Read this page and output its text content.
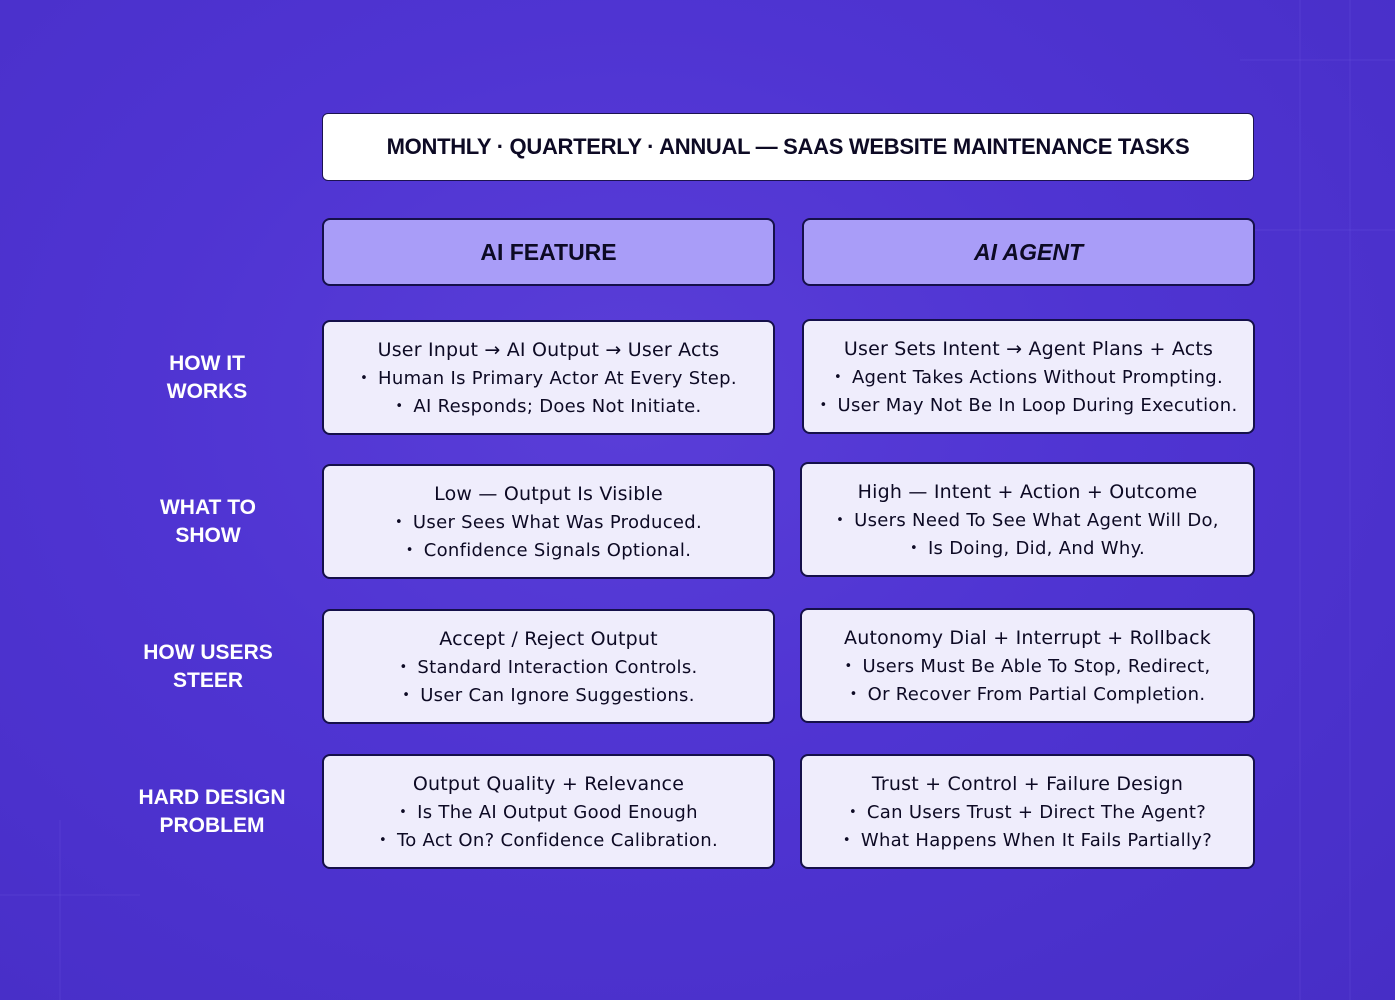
MONTHLY · QUARTERLY · ANNUAL — SAAS WEBSITE MAINTENANCE TASKS
AI FEATURE	AI AGENT
HOW IT
WORKS
User Input → AI Output → User Acts
• Human Is Primary Actor At Every Step.
• AI Responds; Does Not Initiate.
User Sets Intent → Agent Plans + Acts
• Agent Takes Actions Without Prompting.
• User May Not Be In Loop During Execution.
WHAT TO
SHOW
Low — Output Is Visible
• User Sees What Was Produced.
• Confidence Signals Optional.
High — Intent + Action + Outcome
• Users Need To See What Agent Will Do,
• Is Doing, Did, And Why.
HOW USERS
STEER
Accept / Reject Output
• Standard Interaction Controls.
• User Can Ignore Suggestions.
Autonomy Dial + Interrupt + Rollback
• Users Must Be Able To Stop, Redirect,
• Or Recover From Partial Completion.
HARD DESIGN
PROBLEM
Output Quality + Relevance
• Is The AI Output Good Enough
• To Act On? Confidence Calibration.
Trust + Control + Failure Design
• Can Users Trust + Direct The Agent?
• What Happens When It Fails Partially?
